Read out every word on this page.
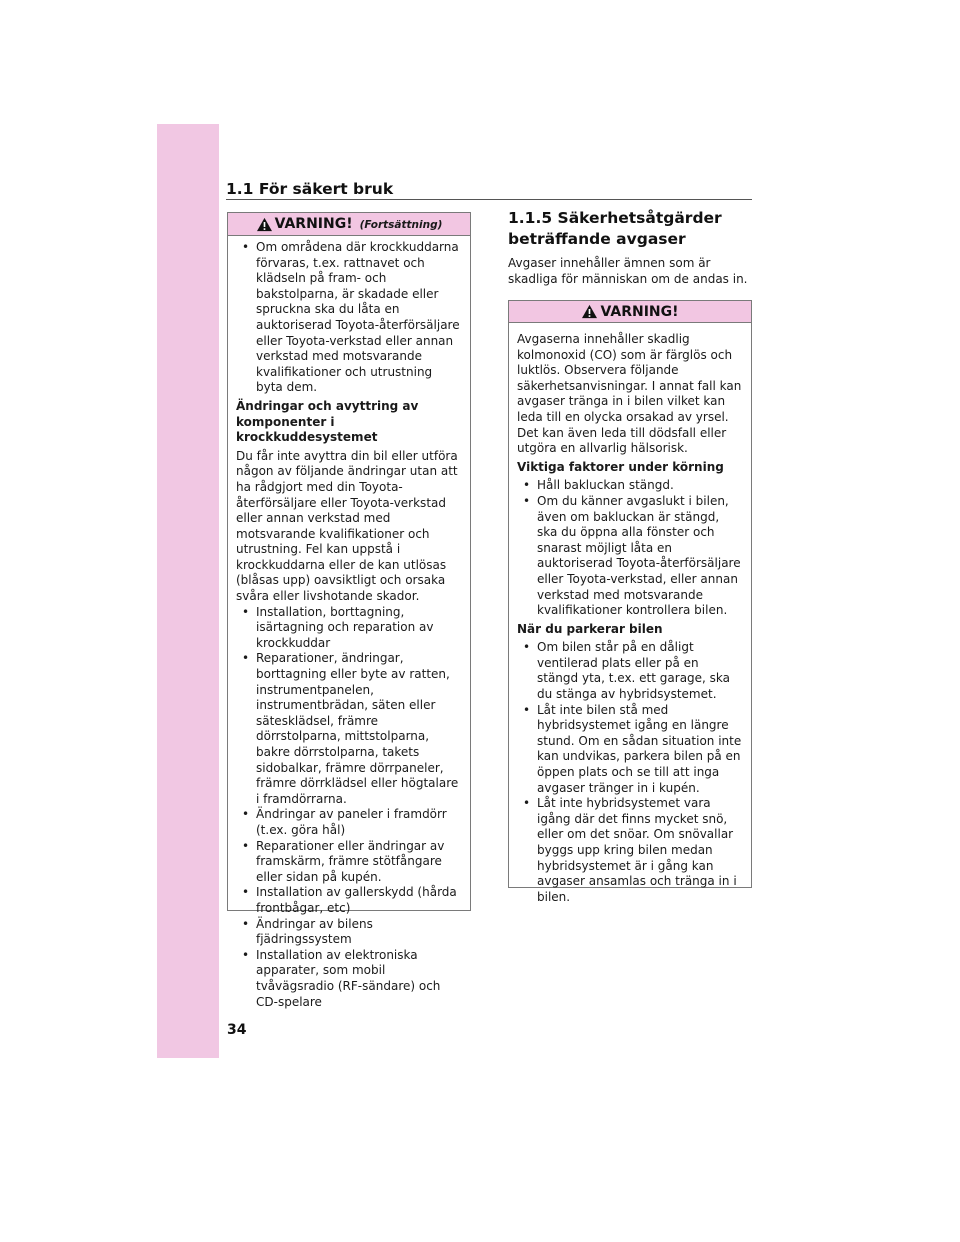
1.1 För säkert bruk
VARNING! (Fortsättning)
• Om områdena där krockkuddarna förvaras, t.ex. rattnavet och klädseln på fram- och bakstolparna, är skadade eller spruckna ska du låta en auktoriserad Toyota-återförsäljare eller Toyota-verkstad eller annan verkstad med motsvarande kvalifikationer och utrustning byta dem.

Ändringar och avyttring av komponenter i krockkuddesystemet

Du får inte avyttra din bil eller utföra någon av följande ändringar utan att ha rådgjort med din Toyota-återförsäljare eller Toyota-verkstad eller annan verkstad med motsvarande kvalifikationer och utrustning. Fel kan uppstå i krockkuddarna eller de kan utlösas (blåsas upp) oavsiktligt och orsaka svåra eller livshotande skador.

• Installation, borttagning, isärtagning och reparation av krockkuddar
• Reparationer, ändringar, borttagning eller byte av ratten, instrumentpanelen, instrumentbrädan, säten eller sätesklädsel, främre dörrstolparna, mittstolparna, bakre dörrstolparna, takets sidobalkar, främre dörrpaneler, främre dörrklädsel eller högtalare i framdörrarna.
• Ändringar av paneler i framdörr (t.ex. göra hål)
• Reparationer eller ändringar av framskärm, främre stötfångare eller sidan på kupén.
• Installation av gallerskydd (hårda frontbågar, etc)
• Ändringar av bilens fjädringssystem
• Installation av elektroniska apparater, som mobil tvåvägsradio (RF-sändare) och CD-spelare
1.1.5 Säkerhetsåtgärder beträffande avgaser
Avgaser innehåller ämnen som är skadliga för människan om de andas in.
VARNING!

Avgaserna innehåller skadlig kolmonoxid (CO) som är färglös och luktlös. Observera följande säkerhetsanvisningar. I annat fall kan avgaser tränga in i bilen vilket kan leda till en olycka orsakad av yrsel. Det kan även leda till dödsfall eller utgöra en allvarlig hälsorisk.

Viktiga faktorer under körning

• Håll bakluckan stängd.
• Om du känner avgaslukt i bilen, även om bakluckan är stängd, ska du öppna alla fönster och snarast möjligt låta en auktoriserad Toyota-återförsäljare eller Toyota-verkstad, eller annan verkstad med motsvarande kvalifikationer kontrollera bilen.

När du parkerar bilen

• Om bilen står på en dåligt ventilerad plats eller på en stängd yta, t.ex. ett garage, ska du stänga av hybridsystemet.
• Låt inte bilen stå med hybridsystemet igång en längre stund. Om en sådan situation inte kan undvikas, parkera bilen på en öppen plats och se till att inga avgaser tränger in i kupén.
• Låt inte hybridsystemet vara igång där det finns mycket snö, eller om det snöar. Om snövallar byggs upp kring bilen medan hybridsystemet är i gång kan avgaser ansamlas och tränga in i bilen.
34
